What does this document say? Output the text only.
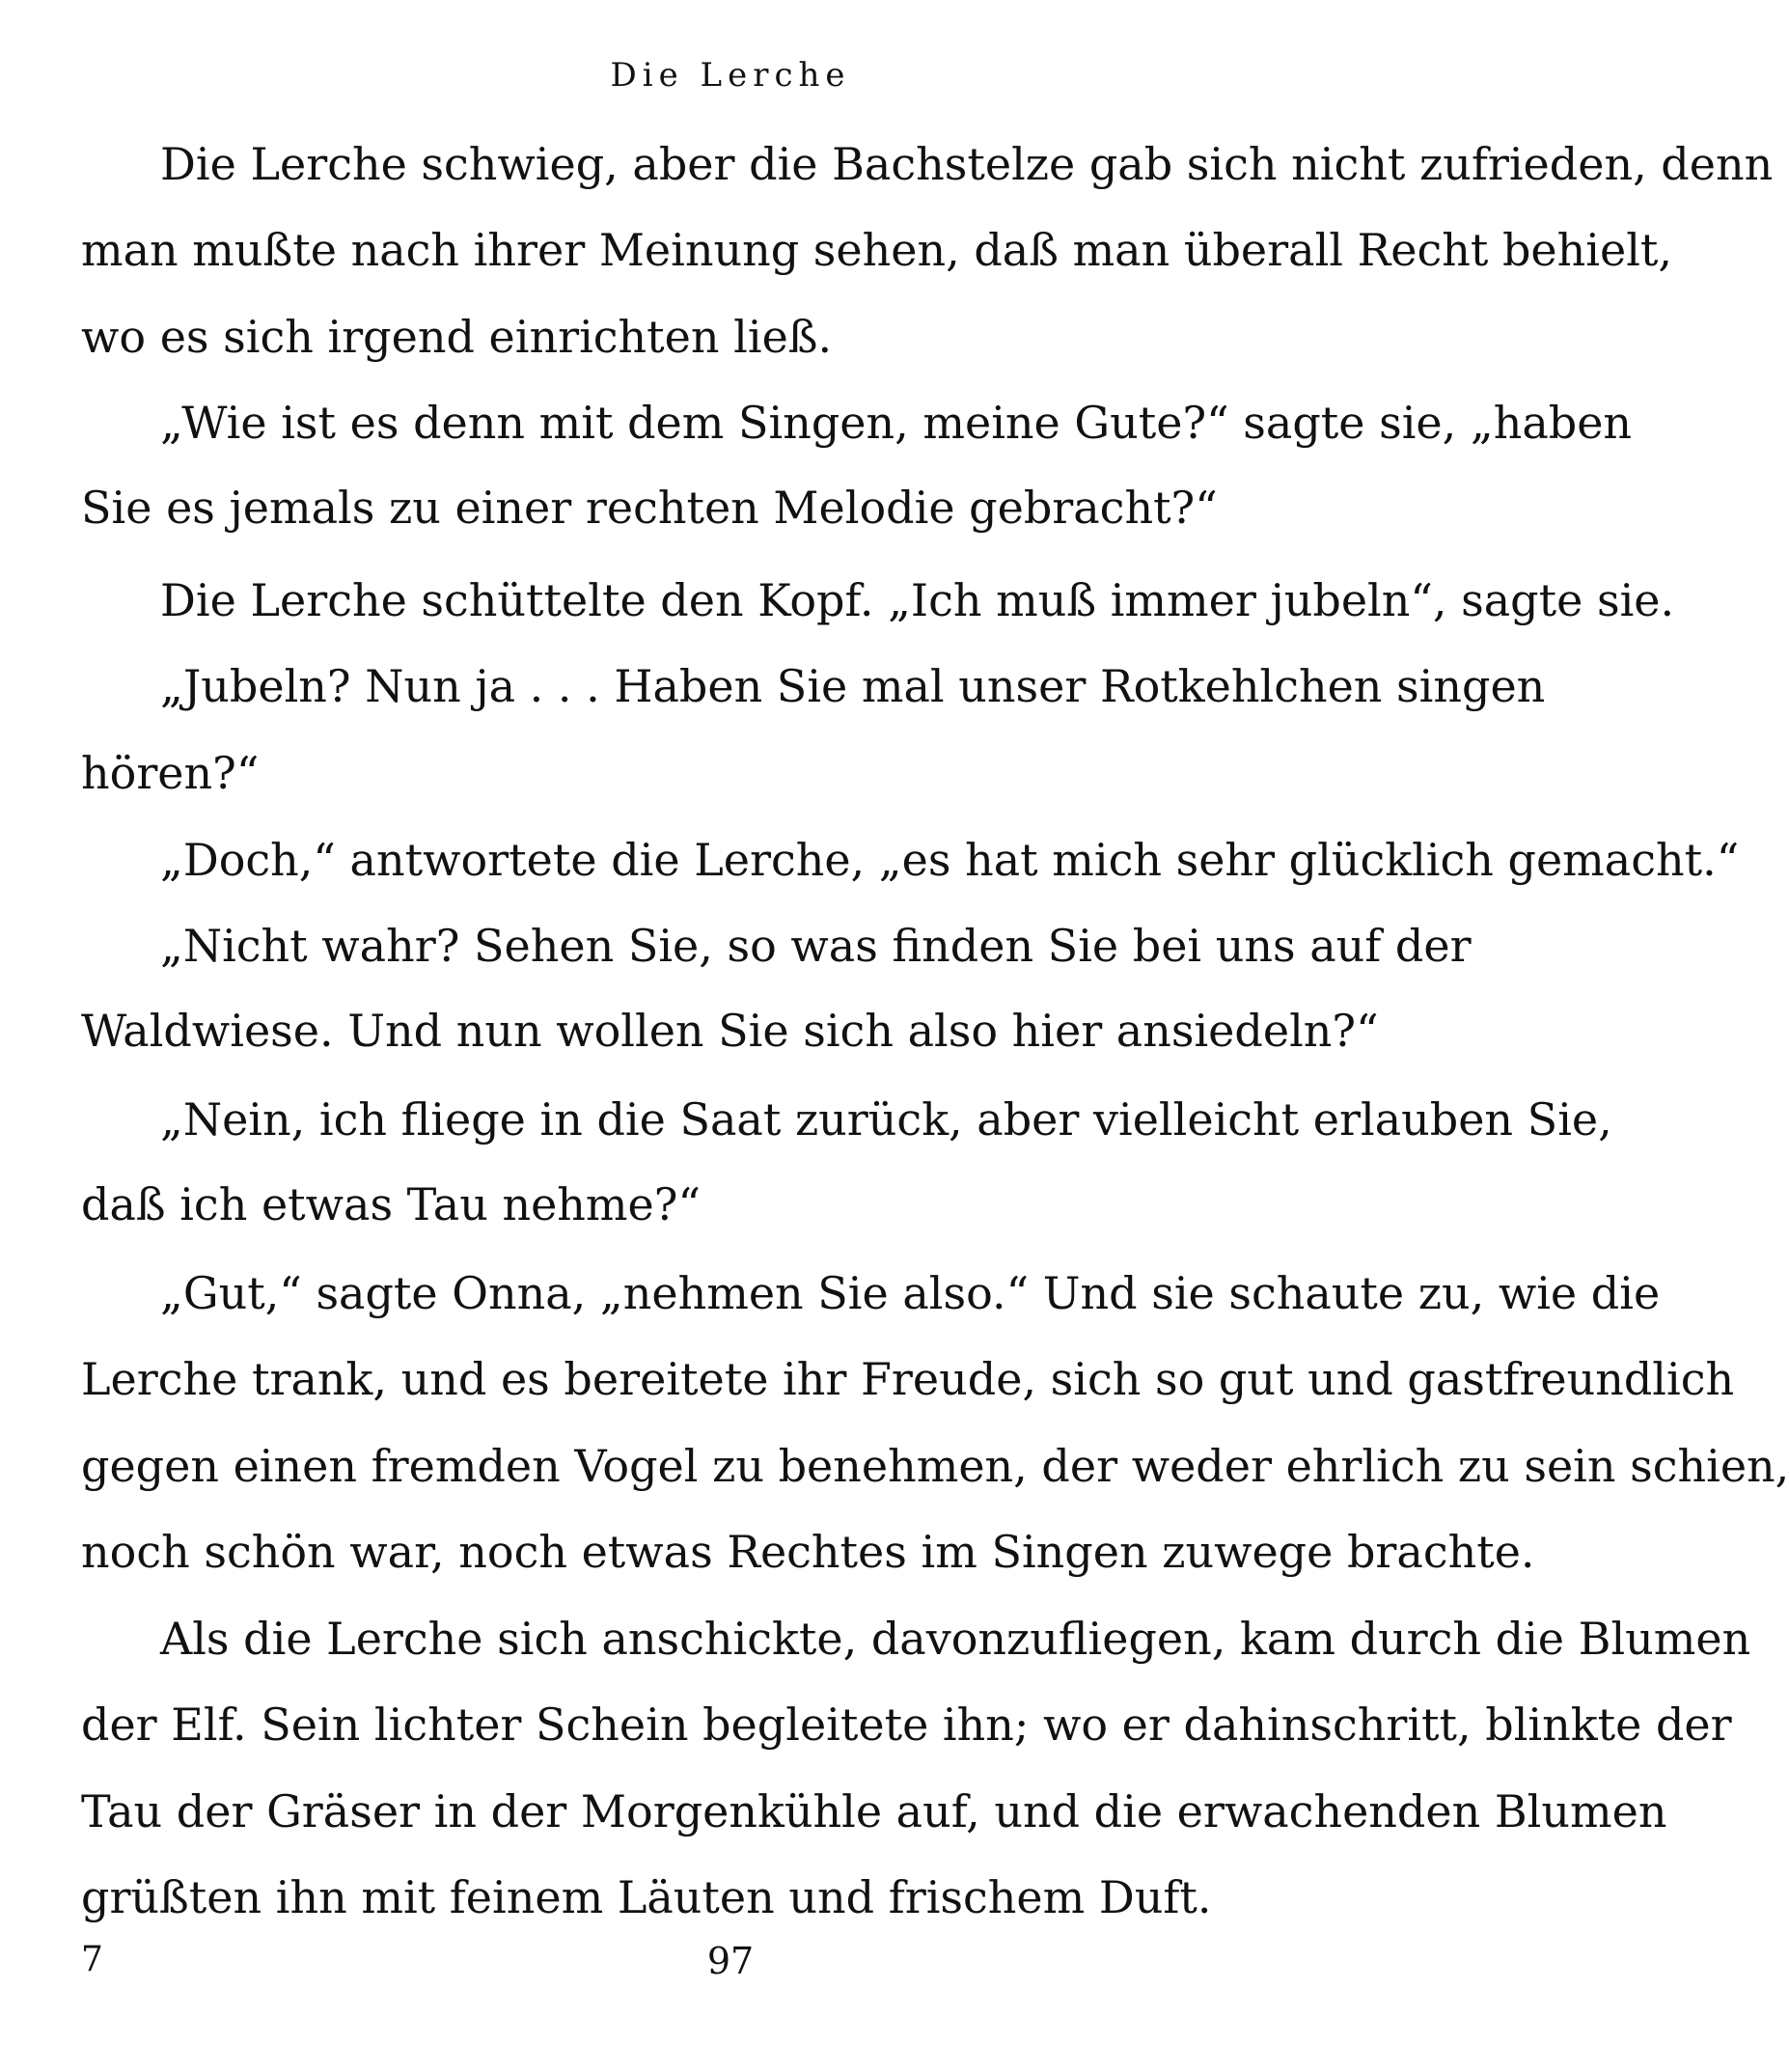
Die Lerche
Die Lerche schwieg, aber die Bachstelze gab sich nicht zufrieden, denn
man mußte nach ihrer Meinung sehen, daß man überall Recht behielt,
wo es sich irgend einrichten ließ.
„Wie ist es denn mit dem Singen, meine Gute?“ sagte sie, „haben
Sie es jemals zu einer rechten Melodie gebracht?“
Die Lerche schüttelte den Kopf. „Ich muß immer jubeln“, sagte sie.
„Jubeln? Nun ja . . . Haben Sie mal unser Rotkehlchen singen
hören?“
„Doch,“ antwortete die Lerche, „es hat mich sehr glücklich gemacht.“
„Nicht wahr? Sehen Sie, so was finden Sie bei uns auf der
Waldwiese. Und nun wollen Sie sich also hier ansiedeln?“
„Nein, ich fliege in die Saat zurück, aber vielleicht erlauben Sie,
daß ich etwas Tau nehme?“
„Gut,“ sagte Onna, „nehmen Sie also.“ Und sie schaute zu, wie die
Lerche trank, und es bereitete ihr Freude, sich so gut und gastfreundlich
gegen einen fremden Vogel zu benehmen, der weder ehrlich zu sein schien,
noch schön war, noch etwas Rechtes im Singen zuwege brachte.
Als die Lerche sich anschickte, davonzufliegen, kam durch die Blumen
der Elf. Sein lichter Schein begleitete ihn; wo er dahinschritt, blinkte der
Tau der Gräser in der Morgenkühle auf, und die erwachenden Blumen
grüßten ihn mit feinem Läuten und frischem Duft.
7	97
